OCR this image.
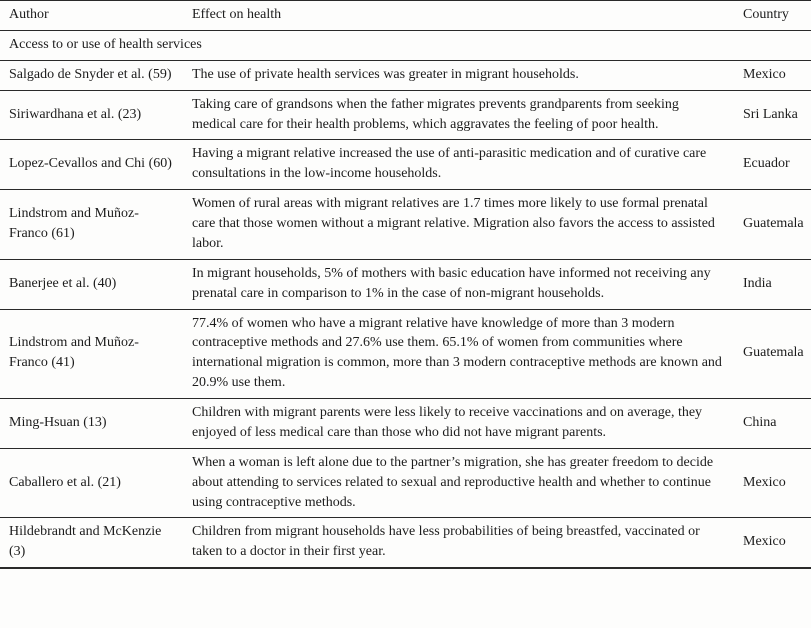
Author	Effect on health	Country
Access to or use of health services		
Salgado de Snyder et al. (59)	The use of private health services was greater in migrant households.	Mexico
Siriwardhana et al. (23)	Taking care of grandsons when the father migrates prevents grandparents from seeking medical care for their health problems, which aggravates the feeling of poor health.	Sri Lanka
Lopez-Cevallos and Chi (60)	Having a migrant relative increased the use of anti-parasitic medication and of curative care consultations in the low-income households.	Ecuador
Lindstrom and Muñoz-Franco (61)	Women of rural areas with migrant relatives are 1.7 times more likely to use formal prenatal care that those women without a migrant relative. Migration also favors the access to assisted labor.	Guatemala
Banerjee et al. (40)	In migrant households, 5% of mothers with basic education have informed not receiving any prenatal care in comparison to 1% in the case of non-migrant households.	India
Lindstrom and Muñoz-Franco (41)	77.4% of women who have a migrant relative have knowledge of more than 3 modern contraceptive methods and 27.6% use them. 65.1% of women from communities where international migration is common, more than 3 modern contraceptive methods are known and 20.9% use them.	Guatemala
Ming-Hsuan (13)	Children with migrant parents were less likely to receive vaccinations and on average, they enjoyed of less medical care than those who did not have migrant parents.	China
Caballero et al. (21)	When a woman is left alone due to the partner’s migration, she has greater freedom to decide about attending to services related to sexual and reproductive health and whether to continue using contraceptive methods.	Mexico
Hildebrandt and McKenzie (3)	Children from migrant households have less probabilities of being breastfed, vaccinated or taken to a doctor in their first year.	Mexico
